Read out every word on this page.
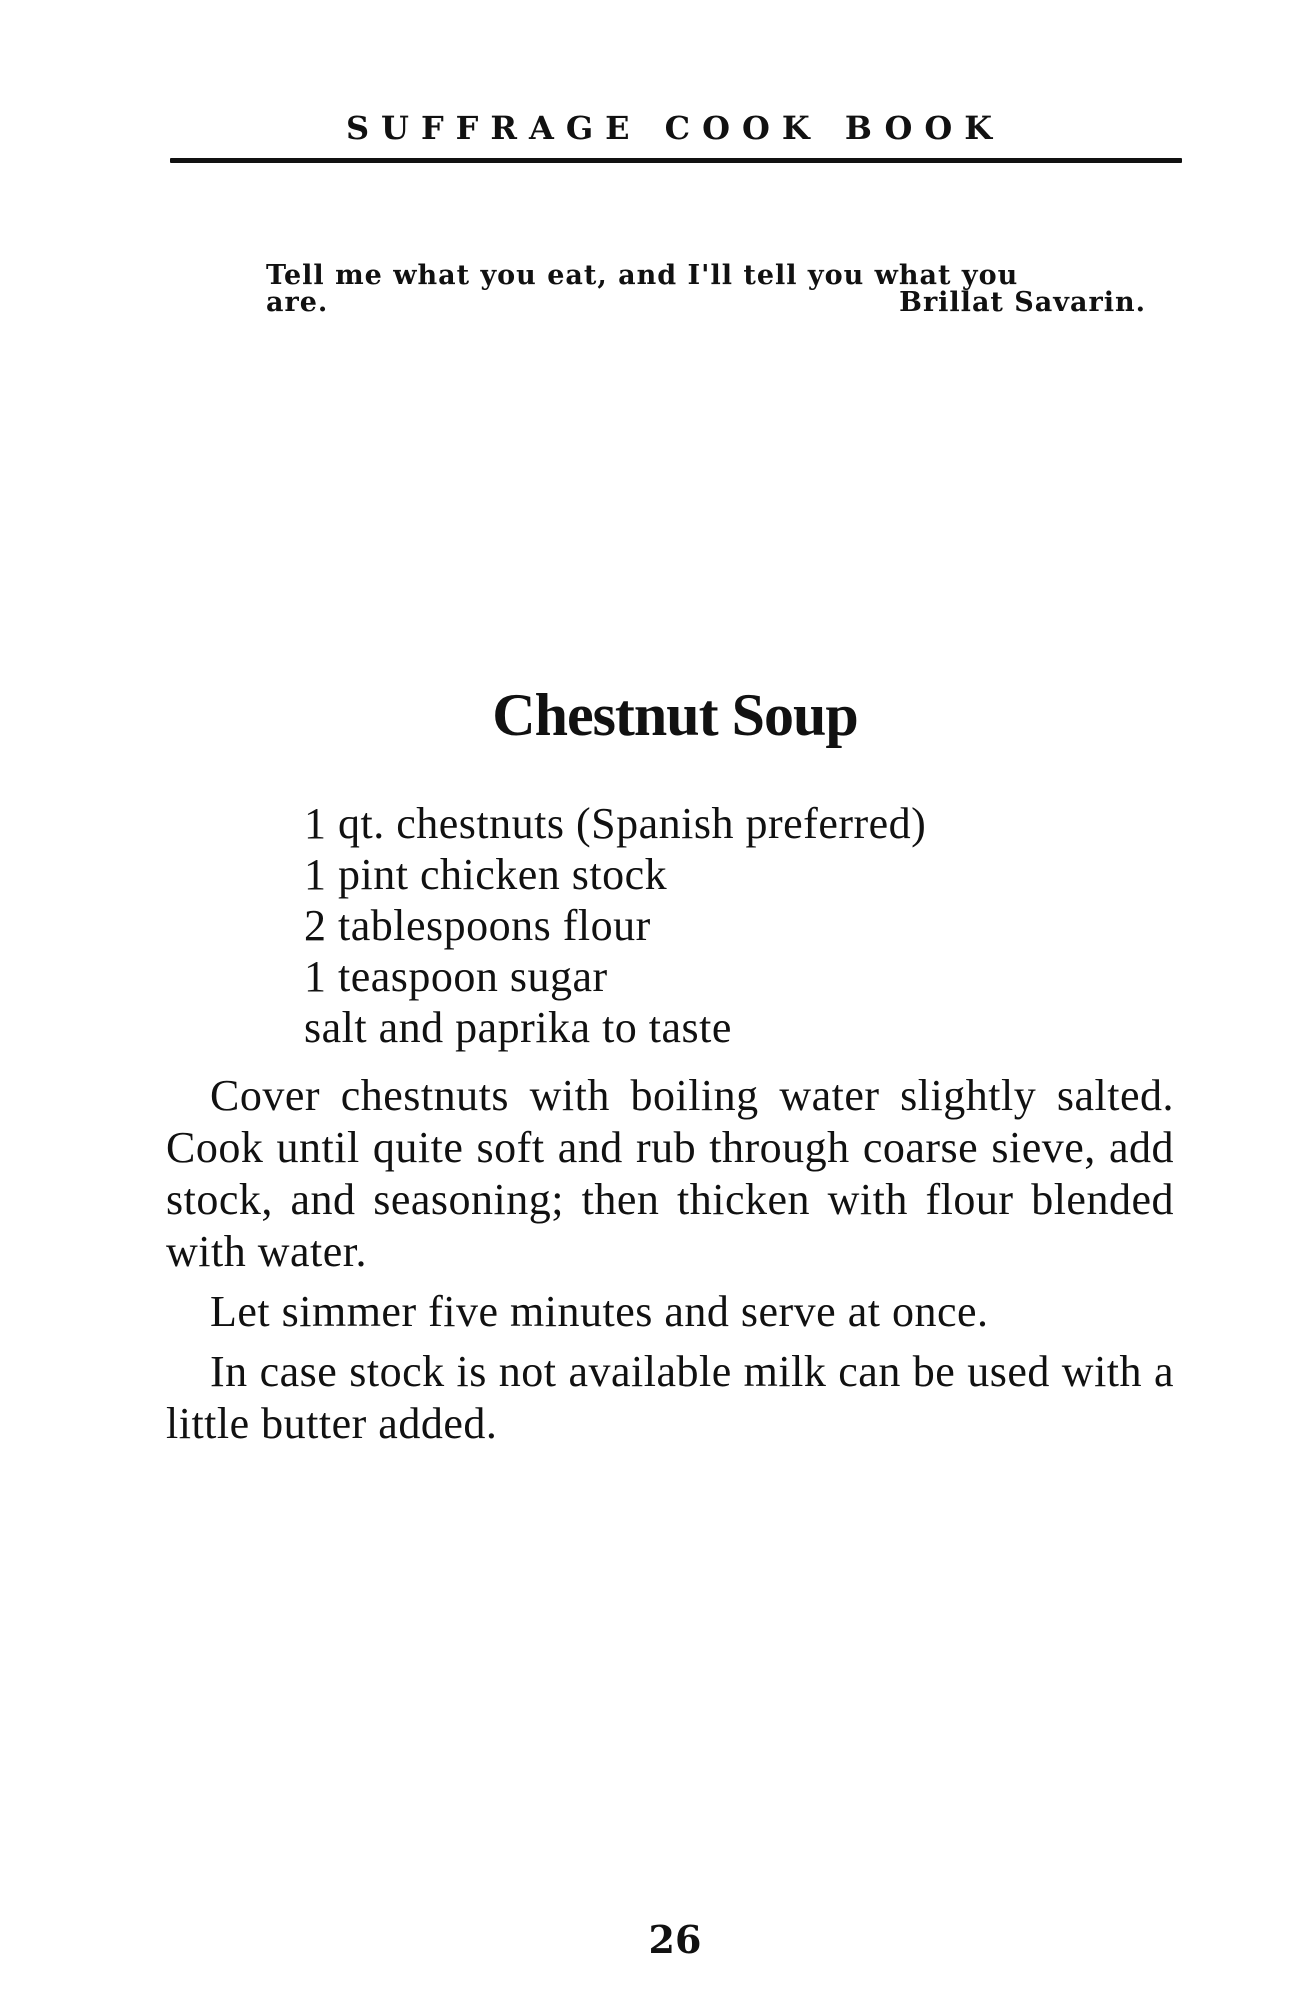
SUFFRAGE COOK BOOK
Tell me what you eat, and I'll tell you what you
are.	Brillat Savarin.
Chestnut Soup
1 qt. chestnuts (Spanish preferred)
1 pint chicken stock
2 tablespoons flour
1 teaspoon sugar
salt and paprika to taste

Cover chestnuts with boiling water slightly salted. Cook until quite soft and rub through coarse sieve, add stock, and seasoning; then thicken with flour blended with water.

Let simmer five minutes and serve at once.

In case stock is not available milk can be used with a little butter added.

26
